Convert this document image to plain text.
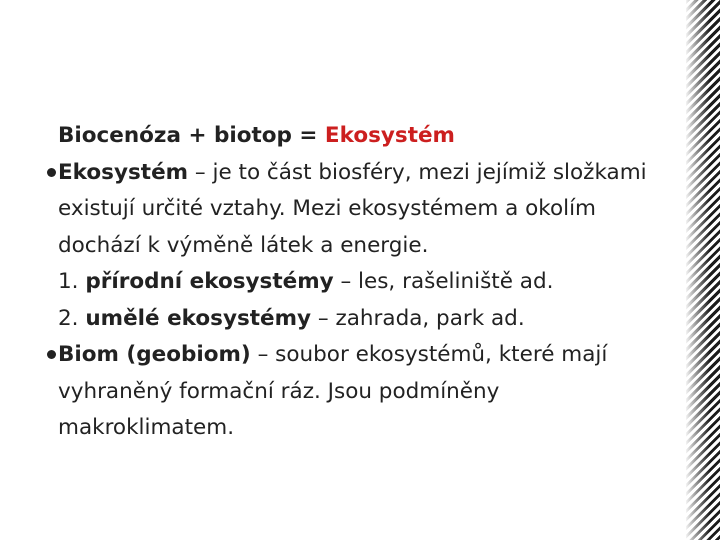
Biocenóza + biotop = Ekosystém
Ekosystém – je to část biosféry, mezi jejímiž složkami
existují určité vztahy. Mezi ekosystémem a okolím
dochází k výměně látek a energie.
1. přírodní ekosystémy – les, rašeliniště ad.
2. umělé ekosystémy – zahrada, park ad.
Biom (geobiom) – soubor ekosystémů, které mají
vyhraněný formační ráz. Jsou podmíněny
makroklimatem.
